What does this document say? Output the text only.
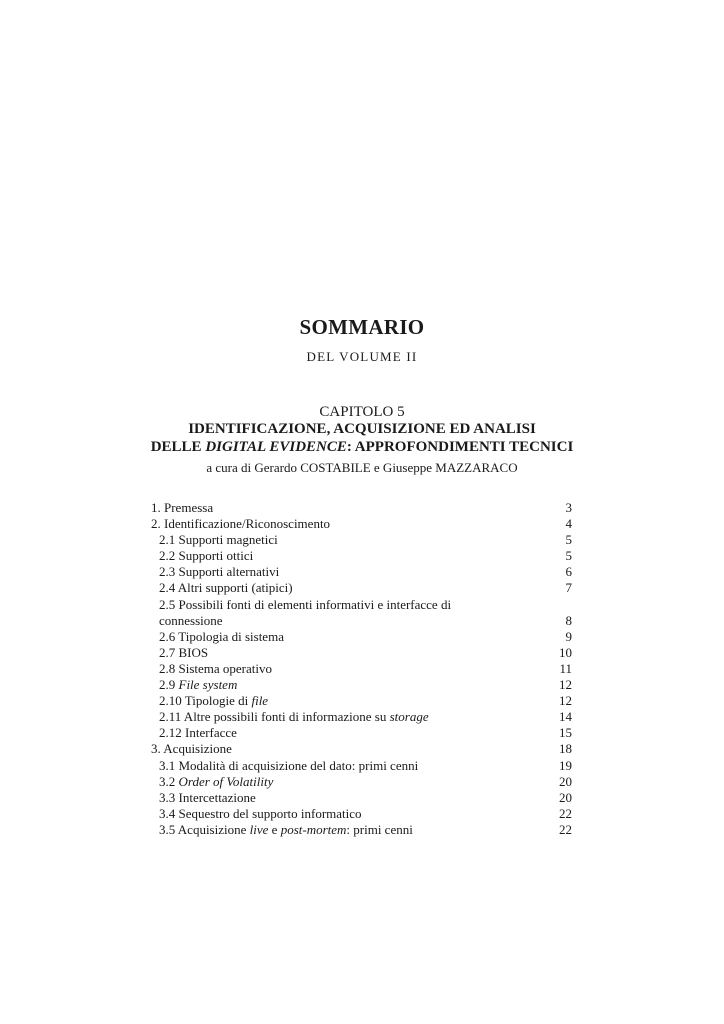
SOMMARIO
DEL VOLUME II
CAPITOLO 5
IDENTIFICAZIONE, ACQUISIZIONE ED ANALISI
DELLE DIGITAL EVIDENCE: APPROFONDIMENTI TECNICI
a cura di Gerardo COSTABILE e Giuseppe MAZZARACO
1. Premessa	3
2. Identificazione/Riconoscimento	4
2.1 Supporti magnetici	5
2.2 Supporti ottici	5
2.3 Supporti alternativi	6
2.4 Altri supporti (atipici)	7
2.5 Possibili fonti di elementi informativi e interfacce di
connessione	8
2.6 Tipologia di sistema	9
2.7 BIOS	10
2.8 Sistema operativo	11
2.9 File system	12
2.10 Tipologie di file	12
2.11 Altre possibili fonti di informazione su storage	14
2.12 Interfacce	15
3. Acquisizione	18
3.1 Modalità di acquisizione del dato: primi cenni	19
3.2 Order of Volatility	20
3.3 Intercettazione	20
3.4 Sequestro del supporto informatico	22
3.5 Acquisizione live e post-mortem: primi cenni	22
